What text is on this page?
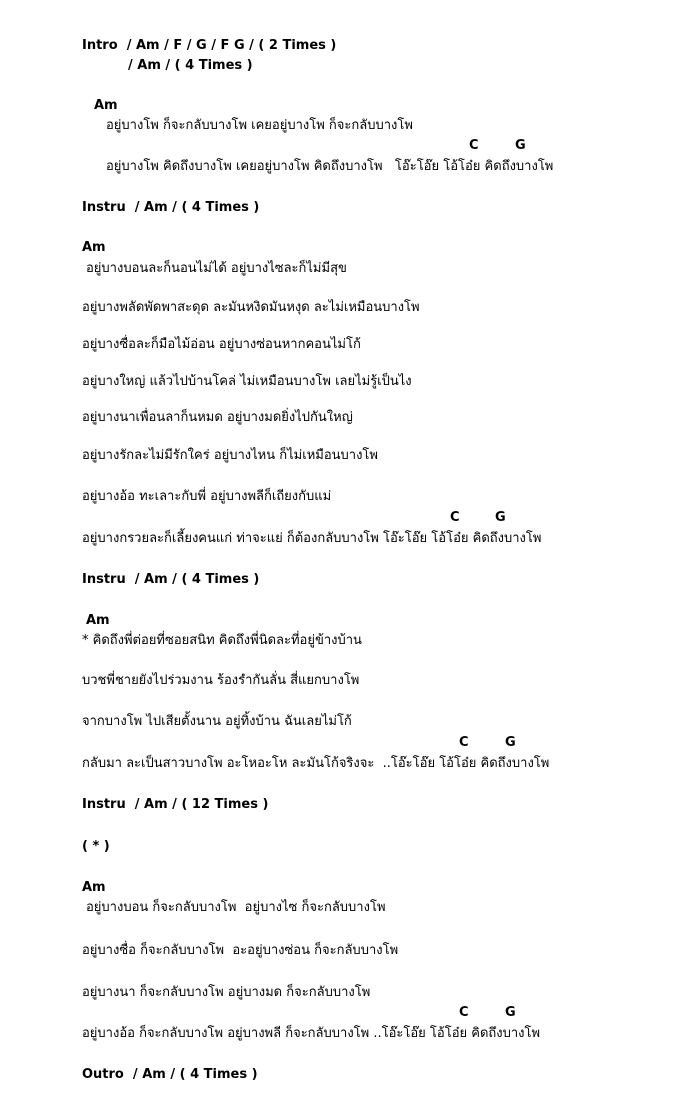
Intro  / Am / F / G / F G / ( 2 Times )
/ Am / ( 4 Times )
Am
อยู่บางโพ ก็จะกลับบางโพ เคยอยู่บางโพ ก็จะกลับบางโพ
C	G
อยู่บางโพ คิดถึงบางโพ เคยอยู่บางโพ คิดถึงบางโพ   โอ๊ะโอ๊ย โอ้โอ๋ย คิดถึงบางโพ
Instru  / Am / ( 4 Times )
Am
อยู่บางบอนละก็นอนไม่ได้ อยู่บางไซละก็ไม่มีสุข
อยู่บางพลัดพัดพาสะดุด ละมันหงิดมันหงุด ละไม่เหมือนบางโพ
อยู่บางซื่อละก็มือไม้อ่อน อยู่บางซ่อนหากคอนไม่โก้
อยู่บางใหญ่ แล้วไปบ้านโคล่ ไม่เหมือนบางโพ เลยไม่รู้เป็นไง
อยู่บางนาเพื่อนลาก็นหมด อยู่บางมดยิ่งไปกันใหญ่
อยู่บางรักละไม่มีรักใคร่ อยู่บางไหน ก็ไม่เหมือนบางโพ
อยู่บางอ้อ ทะเลาะกับพี่ อยู่บางพลีก็เถียงกับแม่
C	G
อยู่บางกรวยละก็เลี้ยงคนแก่ ท่าจะแย่ ก็ต้องกลับบางโพ โอ๊ะโอ๊ย โอ้โอ๋ย คิดถึงบางโพ
Instru  / Am / ( 4 Times )
Am
* คิดถึงพี่ต่อยที่ซอยสนิท คิดถึงพี่นิดละที่อยู่ข้างบ้าน
บวชพี่ชายยังไปร่วมงาน ร้องรำกันลั่น สี่แยกบางโพ
จากบางโพ ไปเสียตั้งนาน อยู่ทิ้งบ้าน ฉันเลยไม่โก้
C	G
กลับมา ละเป็นสาวบางโพ อะโหอะโห ละมันโก้จริงจะ  ..โอ๊ะโอ๊ย โอ้โอ๋ย คิดถึงบางโพ
Instru  / Am / ( 12 Times )
( * )
Am
อยู่บางบอน ก็จะกลับบางโพ  อยู่บางไซ ก็จะกลับบางโพ
อยู่บางซื่อ ก็จะกลับบางโพ  อะอยู่บางซ่อน ก็จะกลับบางโพ
อยู่บางนา ก็จะกลับบางโพ อยู่บางมด ก็จะกลับบางโพ
C	G
อยู่บางอ้อ ก็จะกลับบางโพ อยู่บางพลี ก็จะกลับบางโพ ..โอ๊ะโอ๊ย โอ้โอ๋ย คิดถึงบางโพ
Outro  / Am / ( 4 Times )
